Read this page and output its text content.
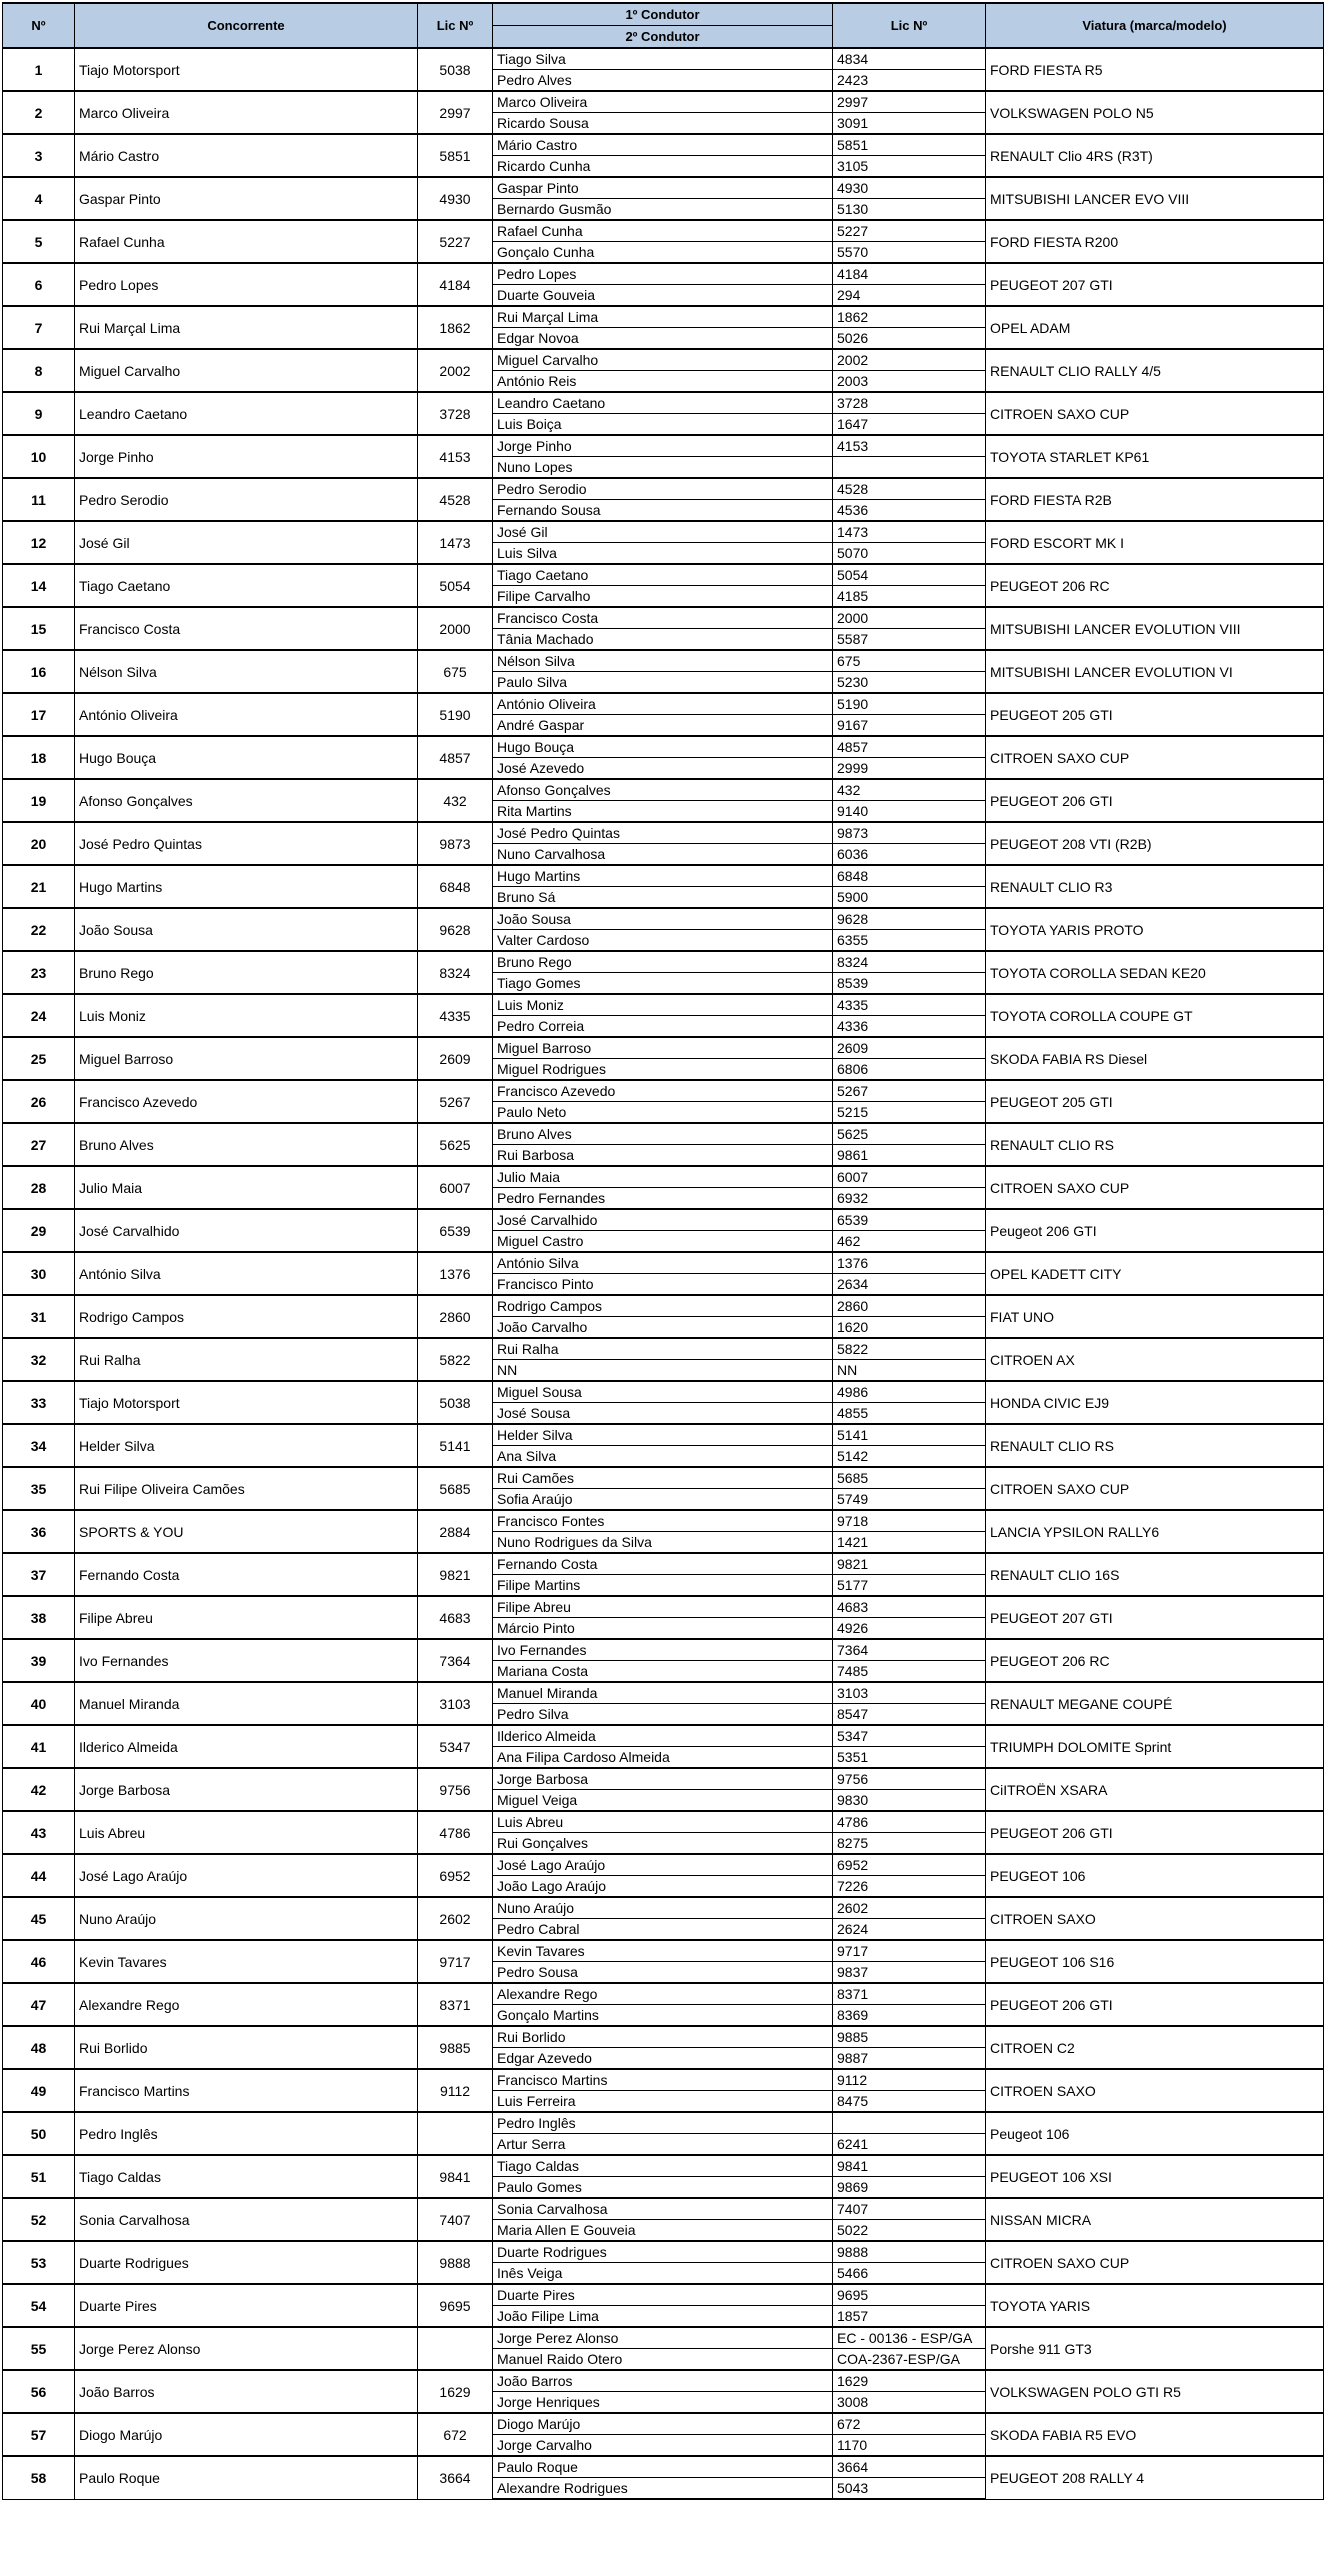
Nº	Concorrente	Lic Nº	1º Condutor	Lic Nº	Viatura (marca/modelo)
			2º Condutor		
1	Tiajo Motorsport	5038	Tiago Silva	4834	FORD FIESTA R5
			Pedro Alves	2423	
2	Marco Oliveira	2997	Marco Oliveira	2997	VOLKSWAGEN POLO N5
			Ricardo Sousa	3091	
3	Mário Castro	5851	Mário Castro	5851	RENAULT Clio 4RS (R3T)
			Ricardo Cunha	3105	
4	Gaspar Pinto	4930	Gaspar Pinto	4930	MITSUBISHI LANCER EVO VIII
			Bernardo Gusmão	5130	
5	Rafael Cunha	5227	Rafael Cunha	5227	FORD FIESTA R200
			Gonçalo Cunha	5570	
6	Pedro Lopes	4184	Pedro Lopes	4184	PEUGEOT 207 GTI
			Duarte Gouveia	294	
7	Rui Marçal Lima	1862	Rui Marçal Lima	1862	OPEL ADAM
			Edgar Novoa	5026	
8	Miguel Carvalho	2002	Miguel Carvalho	2002	RENAULT CLIO RALLY 4/5
			António Reis	2003	
9	Leandro Caetano	3728	Leandro Caetano	3728	CITROEN SAXO CUP
			Luis Boiça	1647	
10	Jorge Pinho	4153	Jorge Pinho	4153	TOYOTA STARLET KP61
			Nuno Lopes		
11	Pedro Serodio	4528	Pedro Serodio	4528	FORD FIESTA R2B
			Fernando Sousa	4536	
12	José Gil	1473	José Gil	1473	FORD ESCORT MK I
			Luis Silva	5070	
14	Tiago Caetano	5054	Tiago Caetano	5054	PEUGEOT 206 RC
			Filipe Carvalho	4185	
15	Francisco Costa	2000	Francisco Costa	2000	MITSUBISHI LANCER EVOLUTION VIII
			Tânia Machado	5587	
16	Nélson Silva	675	Nélson Silva	675	MITSUBISHI LANCER EVOLUTION VI
			Paulo Silva	5230	
17	António Oliveira	5190	António Oliveira	5190	PEUGEOT 205 GTI
			André Gaspar	9167	
18	Hugo Bouça	4857	Hugo Bouça	4857	CITROEN SAXO CUP
			José Azevedo	2999	
19	Afonso Gonçalves	432	Afonso Gonçalves	432	PEUGEOT 206 GTI
			Rita Martins	9140	
20	José Pedro Quintas	9873	José Pedro Quintas	9873	PEUGEOT 208 VTI (R2B)
			Nuno Carvalhosa	6036	
21	Hugo Martins	6848	Hugo Martins	6848	RENAULT CLIO R3
			Bruno Sá	5900	
22	João Sousa	9628	João Sousa	9628	TOYOTA YARIS PROTO
			Valter Cardoso	6355	
23	Bruno Rego	8324	Bruno Rego	8324	TOYOTA COROLLA SEDAN KE20
			Tiago Gomes	8539	
24	Luis Moniz	4335	Luis Moniz	4335	TOYOTA COROLLA COUPE GT
			Pedro Correia	4336	
25	Miguel Barroso	2609	Miguel Barroso	2609	SKODA FABIA RS Diesel
			Miguel Rodrigues	6806	
26	Francisco Azevedo	5267	Francisco Azevedo	5267	PEUGEOT 205 GTI
			Paulo Neto	5215	
27	Bruno Alves	5625	Bruno Alves	5625	RENAULT CLIO RS
			Rui Barbosa	9861	
28	Julio Maia	6007	Julio Maia	6007	CITROEN SAXO CUP
			Pedro Fernandes	6932	
29	José Carvalhido	6539	José Carvalhido	6539	Peugeot 206 GTI
			Miguel Castro	462	
30	António Silva	1376	António Silva	1376	OPEL KADETT CITY
			Francisco Pinto	2634	
31	Rodrigo Campos	2860	Rodrigo Campos	2860	FIAT UNO
			João Carvalho	1620	
32	Rui Ralha	5822	Rui Ralha	5822	CITROEN AX
			NN	NN	
33	Tiajo Motorsport	5038	Miguel Sousa	4986	HONDA CIVIC EJ9
			José Sousa	4855	
34	Helder Silva	5141	Helder Silva	5141	RENAULT CLIO RS
			Ana Silva	5142	
35	Rui Filipe Oliveira Camões	5685	Rui Camões	5685	CITROEN SAXO CUP
			Sofia Araújo	5749	
36	SPORTS & YOU	2884	Francisco Fontes	9718	LANCIA YPSILON RALLY6
			Nuno Rodrigues da Silva	1421	
37	Fernando Costa	9821	Fernando Costa	9821	RENAULT CLIO 16S
			Filipe Martins	5177	
38	Filipe Abreu	4683	Filipe Abreu	4683	PEUGEOT 207 GTI
			Márcio Pinto	4926	
39	Ivo Fernandes	7364	Ivo Fernandes	7364	PEUGEOT 206 RC
			Mariana Costa	7485	
40	Manuel Miranda	3103	Manuel Miranda	3103	RENAULT MEGANE COUPÉ
			Pedro Silva	8547	
41	Ilderico Almeida	5347	Ilderico Almeida	5347	TRIUMPH DOLOMITE Sprint
			Ana Filipa Cardoso Almeida	5351	
42	Jorge Barbosa	9756	Jorge Barbosa	9756	CiITROËN XSARA
			Miguel Veiga	9830	
43	Luis Abreu	4786	Luis Abreu	4786	PEUGEOT 206 GTI
			Rui Gonçalves	8275	
44	José Lago Araújo	6952	José Lago Araújo	6952	PEUGEOT 106
			João Lago Araújo	7226	
45	Nuno Araújo	2602	Nuno Araújo	2602	CITROEN SAXO
			Pedro Cabral	2624	
46	Kevin Tavares	9717	Kevin Tavares	9717	PEUGEOT 106 S16
			Pedro Sousa	9837	
47	Alexandre Rego	8371	Alexandre Rego	8371	PEUGEOT 206 GTI
			Gonçalo Martins	8369	
48	Rui Borlido	9885	Rui Borlido	9885	CITROEN C2
			Edgar Azevedo	9887	
49	Francisco Martins	9112	Francisco Martins	9112	CITROEN SAXO
			Luis Ferreira	8475	
50	Pedro Inglês		Pedro Inglês		Peugeot 106
			Artur Serra	6241	
51	Tiago Caldas	9841	Tiago Caldas	9841	PEUGEOT 106 XSI
			Paulo Gomes	9869	
52	Sonia Carvalhosa	7407	Sonia Carvalhosa	7407	NISSAN MICRA
			Maria Allen E Gouveia	5022	
53	Duarte Rodrigues	9888	Duarte Rodrigues	9888	CITROEN SAXO CUP
			Inês Veiga	5466	
54	Duarte Pires	9695	Duarte Pires	9695	TOYOTA YARIS
			João Filipe Lima	1857	
55	Jorge Perez Alonso		Jorge Perez Alonso	EC - 00136 - ESP/GA	Porshe 911 GT3
			Manuel Raido Otero	COA-2367-ESP/GA	
56	João Barros	1629	João Barros	1629	VOLKSWAGEN POLO GTI R5
			Jorge Henriques	3008	
57	Diogo Marújo	672	Diogo Marújo	672	SKODA FABIA R5 EVO
			Jorge Carvalho	1170	
58	Paulo Roque	3664	Paulo Roque	3664	PEUGEOT 208 RALLY 4
			Alexandre Rodrigues	5043	
